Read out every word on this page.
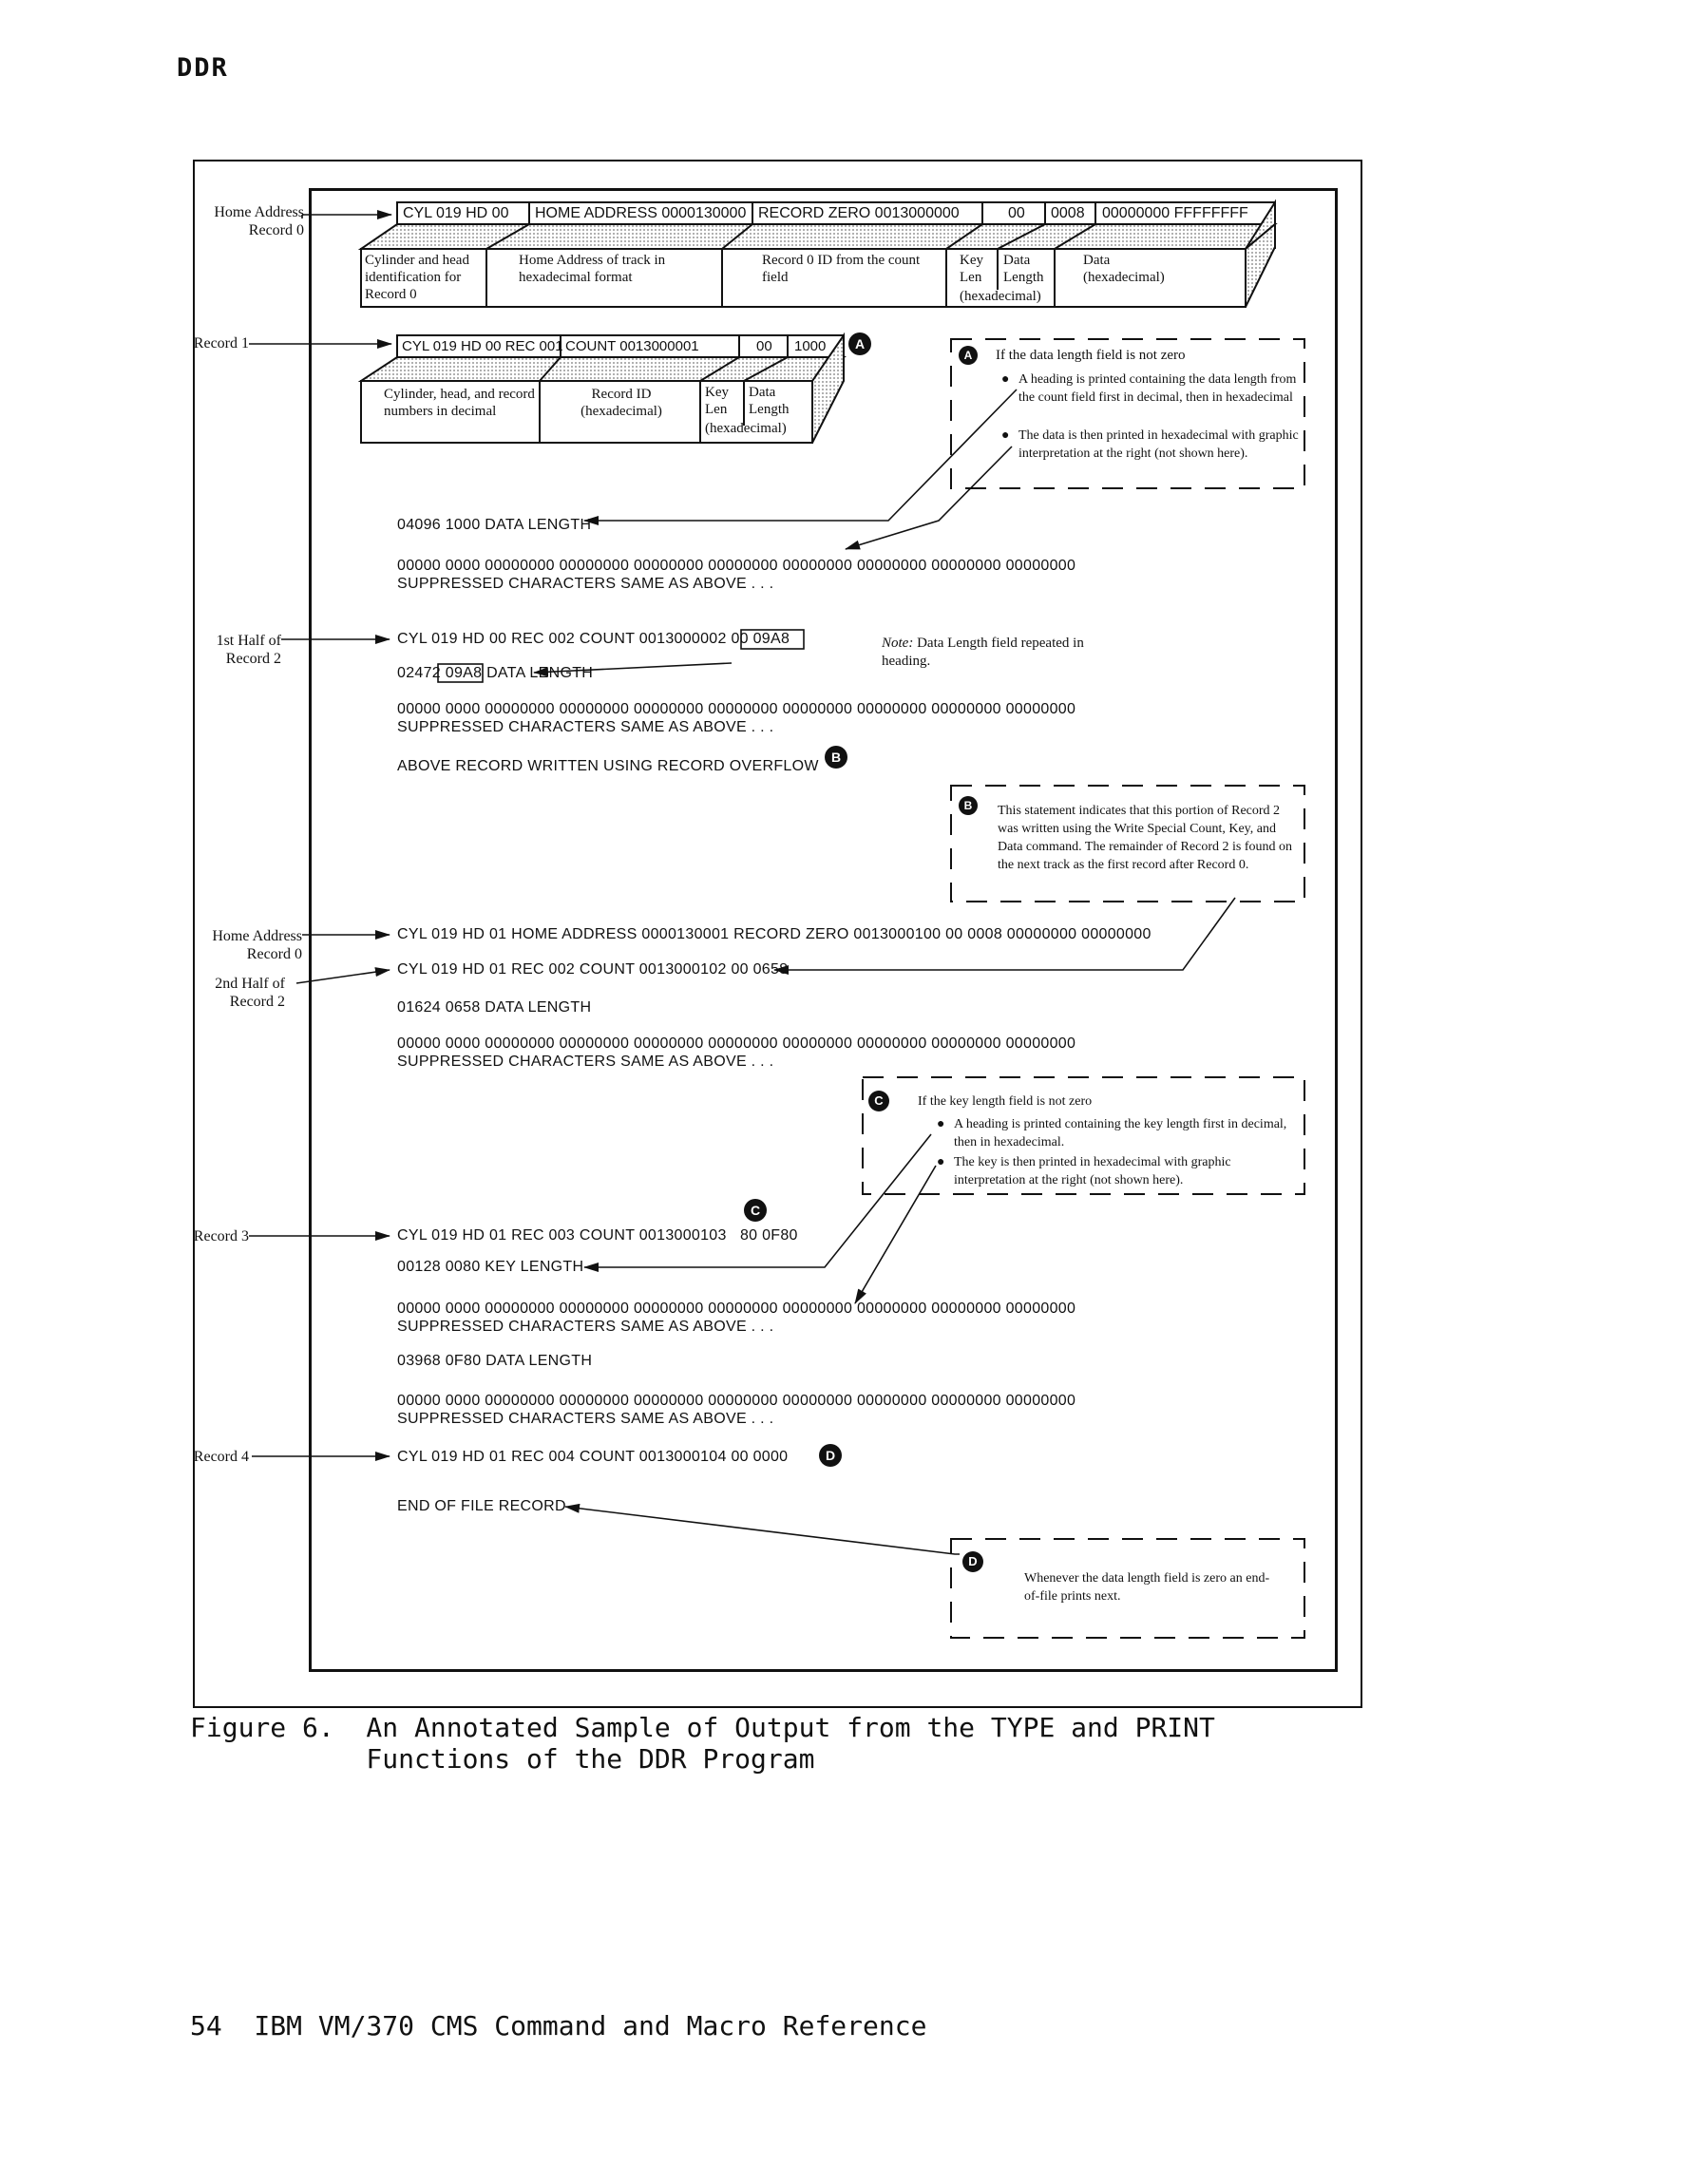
DDR
Home Address
Record 0
Record 1
1st Half of
Record 2
Home Address
Record 0
2nd Half of
Record 2
Record 3
Record 4
CYL 019 HD 00 HOME ADDRESS 0000130000 RECORD ZERO 0013000000	00 0008 00000000 FFFFFFFF
Cylinder and head identification for Record 0
Home Address of track in hexadecimal format
Record 0 ID from the count field
Key Len
Data Length
(hexadecimal)
Data (hexadecimal)
CYL 019 HD 00 REC 001 COUNT 0013000001	00 1000
Cylinder, head, and record numbers in decimal
Record ID (hexadecimal)
Key Len
Data Length
(hexadecimal)
A
A
B
B
C
C
D
D
If the data length field is not zero
● A heading is printed containing the data length from the count field first in decimal, then in hexadecimal
● The data is then printed in hexadecimal with graphic interpretation at the right (not shown here).
This statement indicates that this portion of Record 2 was written using the Write Special Count, Key, and Data command. The remainder of Record 2 is found on the next track as the first record after Record 0.
If the key length field is not zero
● A heading is printed containing the key length first in decimal, then in hexadecimal.
● The key is then printed in hexadecimal with graphic interpretation at the right (not shown here).
Whenever the data length field is zero an end-of-file prints next.
Note: Data Length field repeated in heading.
04096 1000 DATA LENGTH
00000 0000 00000000 00000000 00000000 00000000 00000000 00000000 00000000 00000000
SUPPRESSED CHARACTERS SAME AS ABOVE . . .
CYL 019 HD 00 REC 002 COUNT 0013000002 00 09A8
02472 09A8 DATA LENGTH
00000 0000 00000000 00000000 00000000 00000000 00000000 00000000 00000000 00000000
SUPPRESSED CHARACTERS SAME AS ABOVE . . .
ABOVE RECORD WRITTEN USING RECORD OVERFLOW
CYL 019 HD 01 HOME ADDRESS 0000130001 RECORD ZERO 0013000100 00 0008 00000000 00000000
CYL 019 HD 01 REC 002 COUNT 0013000102 00 0658
01624 0658 DATA LENGTH
00000 0000 00000000 00000000 00000000 00000000 00000000 00000000 00000000 00000000
SUPPRESSED CHARACTERS SAME AS ABOVE . . .
CYL 019 HD 01 REC 003 COUNT 0013000103   80 0F80
00128 0080 KEY LENGTH
00000 0000 00000000 00000000 00000000 00000000 00000000 00000000 00000000 00000000
SUPPRESSED CHARACTERS SAME AS ABOVE . . .
03968 0F80 DATA LENGTH
00000 0000 00000000 00000000 00000000 00000000 00000000 00000000 00000000 00000000
SUPPRESSED CHARACTERS SAME AS ABOVE . . .
CYL 019 HD 01 REC 004 COUNT 0013000104 00 0000
END OF FILE RECORD
Figure 6.  An Annotated Sample of Output from the TYPE and PRINT
Functions of the DDR Program
54  IBM VM/370 CMS Command and Macro Reference
